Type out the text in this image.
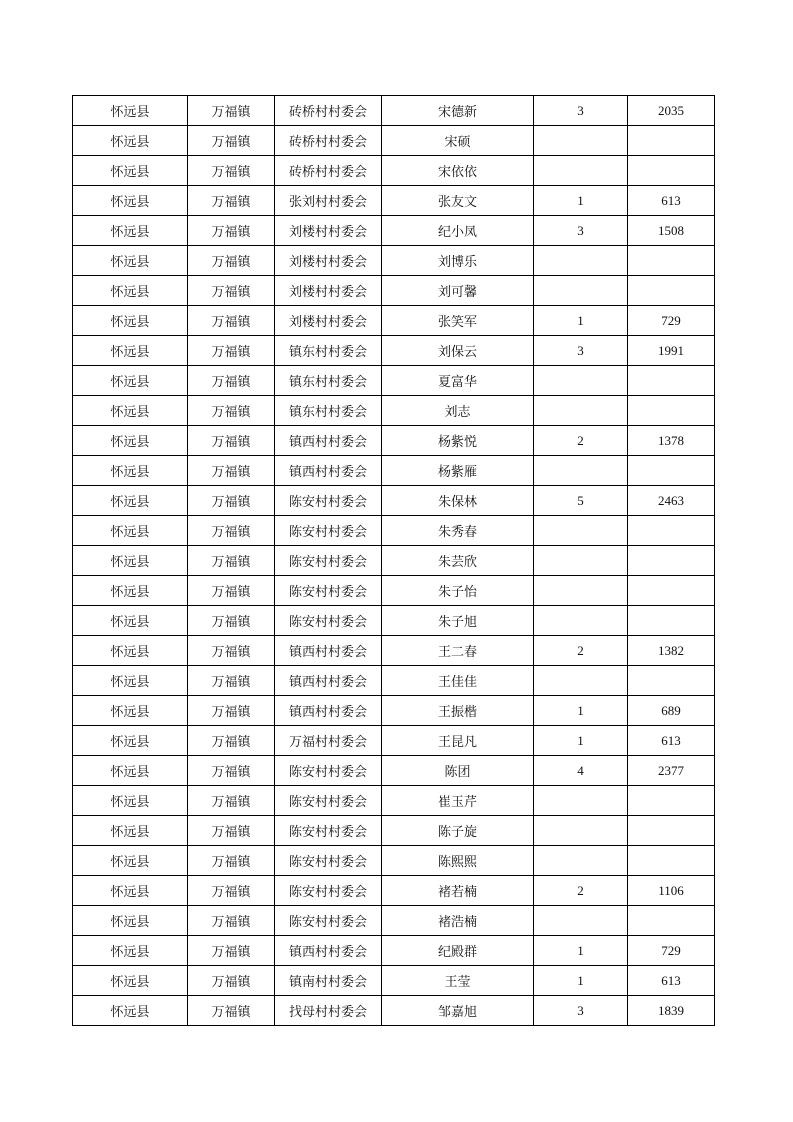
怀远县	万福镇	砖桥村村委会	宋德新	3	2035
怀远县	万福镇	砖桥村村委会	宋硕		
怀远县	万福镇	砖桥村村委会	宋依依		
怀远县	万福镇	张刘村村委会	张友文	1	613
怀远县	万福镇	刘楼村村委会	纪小凤	3	1508
怀远县	万福镇	刘楼村村委会	刘博乐		
怀远县	万福镇	刘楼村村委会	刘可馨		
怀远县	万福镇	刘楼村村委会	张笑军	1	729
怀远县	万福镇	镇东村村委会	刘保云	3	1991
怀远县	万福镇	镇东村村委会	夏富华		
怀远县	万福镇	镇东村村委会	刘志		
怀远县	万福镇	镇西村村委会	杨紫悦	2	1378
怀远县	万福镇	镇西村村委会	杨紫雁		
怀远县	万福镇	陈安村村委会	朱保林	5	2463
怀远县	万福镇	陈安村村委会	朱秀春		
怀远县	万福镇	陈安村村委会	朱芸欣		
怀远县	万福镇	陈安村村委会	朱子怡		
怀远县	万福镇	陈安村村委会	朱子旭		
怀远县	万福镇	镇西村村委会	王二春	2	1382
怀远县	万福镇	镇西村村委会	王佳佳		
怀远县	万福镇	镇西村村委会	王振楷	1	689
怀远县	万福镇	万福村村委会	王昆凡	1	613
怀远县	万福镇	陈安村村委会	陈团	4	2377
怀远县	万福镇	陈安村村委会	崔玉芹		
怀远县	万福镇	陈安村村委会	陈子旋		
怀远县	万福镇	陈安村村委会	陈熙熙		
怀远县	万福镇	陈安村村委会	褚若楠	2	1106
怀远县	万福镇	陈安村村委会	褚浩楠		
怀远县	万福镇	镇西村村委会	纪殿群	1	729
怀远县	万福镇	镇南村村委会	王莹	1	613
怀远县	万福镇	找母村村委会	邹嘉旭	3	1839
